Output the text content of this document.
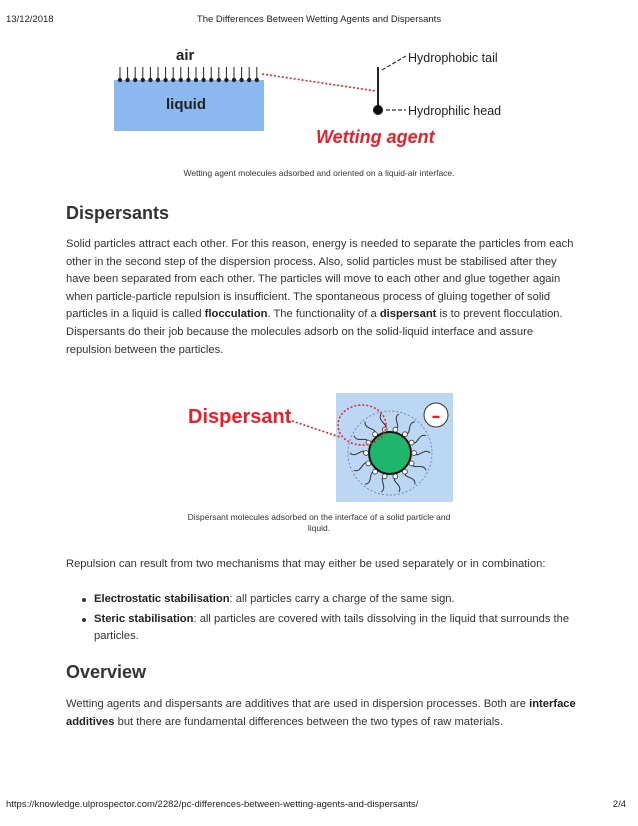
13/12/2018	The Differences Between Wetting Agents and Dispersants
air
liquid
Hydrophobic tail
Hydrophilic head
Wetting agent
Wetting agent molecules adsorbed and oriented on a liquid-air interface.
Dispersants

Solid particles attract each other. For this reason, energy is needed to separate the particles from each other in the second step of the dispersion process. Also, solid particles must be stabilised after they have been separated from each other. The particles will move to each other and glue together again when particle-particle repulsion is insufficient. The spontaneous process of gluing together of solid particles in a liquid is called flocculation. The functionality of a dispersant is to prevent flocculation. Dispersants do their job because the molecules adsorb on the solid-liquid interface and assure repulsion between the particles.

–
Dispersant
Dispersant molecules adsorbed on the interface of a solid particle and liquid.

Repulsion can result from two mechanisms that may either be used separately or in combination:

Electrostatic stabilisation: all particles carry a charge of the same sign.
Steric stabilisation: all particles are covered with tails dissolving in the liquid that surrounds the particles.
Overview

Wetting agents and dispersants are additives that are used in dispersion processes. Both are interface additives but there are fundamental differences between the two types of raw materials.

https://knowledge.ulprospector.com/2282/pc-differences-between-wetting-agents-and-dispersants/	2/4
